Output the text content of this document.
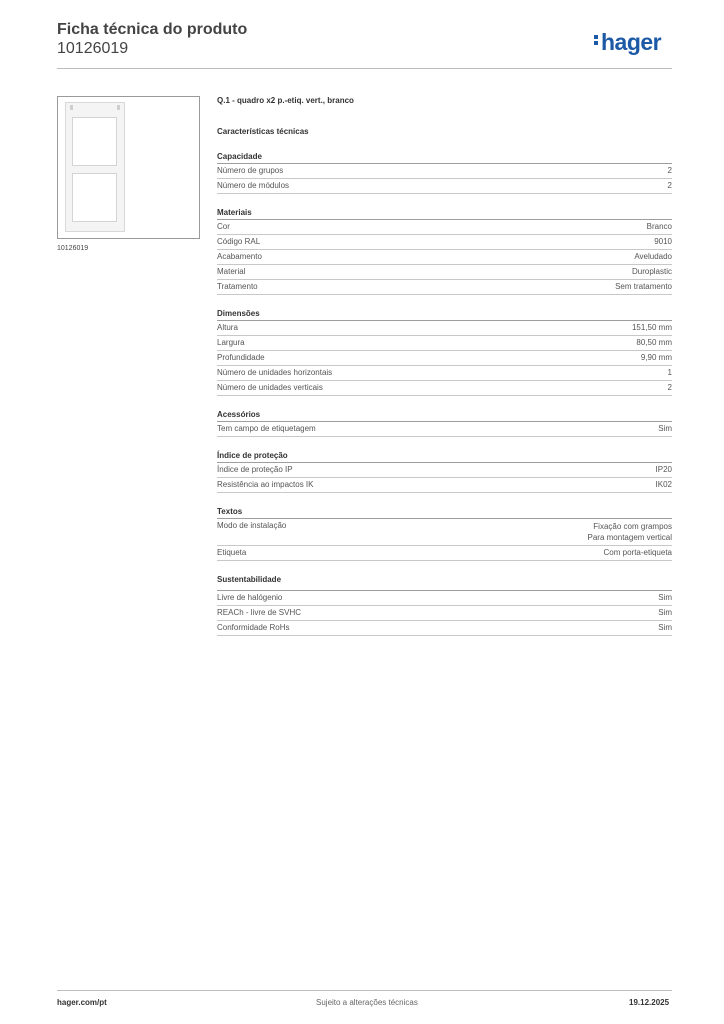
Ficha técnica do produto
10126019	hager
10126019
Q.1 - quadro x2 p.-etiq. vert., branco
Características técnicas
Capacidade
Número de grupos	2
Número de módulos	2
Materiais
Cor	Branco
Código RAL	9010
Acabamento	Aveludado
Material	Duroplastic
Tratamento	Sem tratamento
Dimensões
Altura	151,50 mm
Largura	80,50 mm
Profundidade	9,90 mm
Número de unidades horizontais	1
Número de unidades verticais	2
Acessórios
Tem campo de etiquetagem	Sim
Índice de proteção
Índice de proteção IP	IP20
Resistência ao impactos IK	IK02
Textos
Modo de instalação	Fixação com grampos
Para montagem vertical
Etiqueta	Com porta-etiqueta
Sustentabilidade
Livre de halógenio	Sim
REACh - livre de SVHC	Sim
Conformidade RoHs	Sim
hager.com/pt	Sujeito a alterações técnicas	19.12.2025
